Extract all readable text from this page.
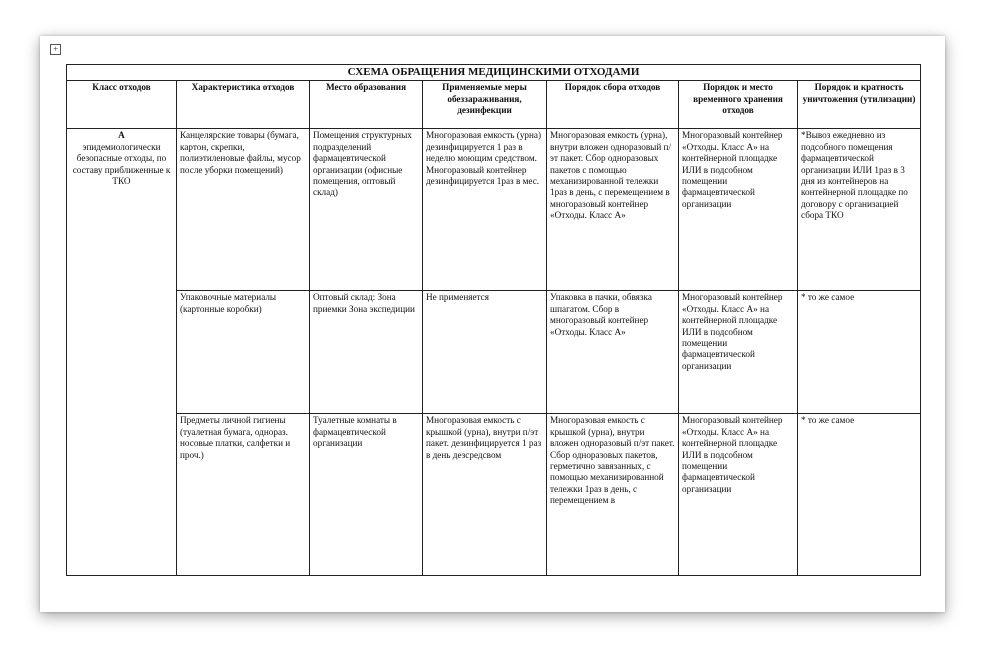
+
СХЕМА ОБРАЩЕНИЯ МЕДИЦИНСКИМИ ОТХОДАМИ						
Класс отходов	Характеристика отходов	Место образования	Применяемые меры обеззараживания, дезинфекции	Порядок сбора отходов	Порядок и место временного хранения отходов	Порядок и кратность уничтожения (утилизации)

А
эпидемиологически безопасные отходы, по составу приближенные к ТКО	Канцелярские товары (бумага, картон, скрепки, полиэтиленовые файлы, мусор после уборки помещений)	Помещения структурных подразделений фармацевтической организации (офисные помещения, оптовый склад)	Многоразовая емкость (урна) дезинфицируется 1 раз в неделю моющим средством. Многоразовый контейнер дезинфицируется 1раз в мес.	Многоразовая емкость (урна), внутри вложен одноразовый п/эт пакет. Сбор одноразовых пакетов с помощью механизированной тележки 1раз в день, с перемещением в многоразовый контейнер «Отходы. Класс А»	Многоразовый контейнер «Отходы. Класс А» на контейнерной площадке ИЛИ в подсобном помещении фармацевтической организации	*Вывоз ежедневно из подсобного помещения фармацевтической организации ИЛИ 1раз в 3 дня из контейнеров на контейнерной площадке по договору с организацией сбора ТКО
	Упаковочные материалы (картонные коробки)	Оптовый склад: Зона приемки Зона экспедиции	Не применяется	Упаковка в пачки, обвязка шпагатом. Сбор в многоразовый контейнер «Отходы. Класс А»	Многоразовый контейнер «Отходы. Класс А» на контейнерной площадке ИЛИ в подсобном помещении фармацевтической организации	* то же самое
	Предметы личной гигиены (туалетная бумага, однораз. носовые платки, салфетки и проч.)	Туалетные комнаты в фармацевтической организации	Многоразовая емкость с крышкой (урна), внутри п/эт пакет. дезинфицируется 1 раз в день дезсредсвом	Многоразовая емкость с крышкой (урна), внутри вложен одноразовый п/эт пакет. Сбор одноразовых пакетов, герметично завязанных, с помощью механизированной тележки 1раз в день, с перемещением в	Многоразовый контейнер «Отходы. Класс А» на контейнерной площадке ИЛИ в подсобном помещении фармацевтической организации	* то же самое
